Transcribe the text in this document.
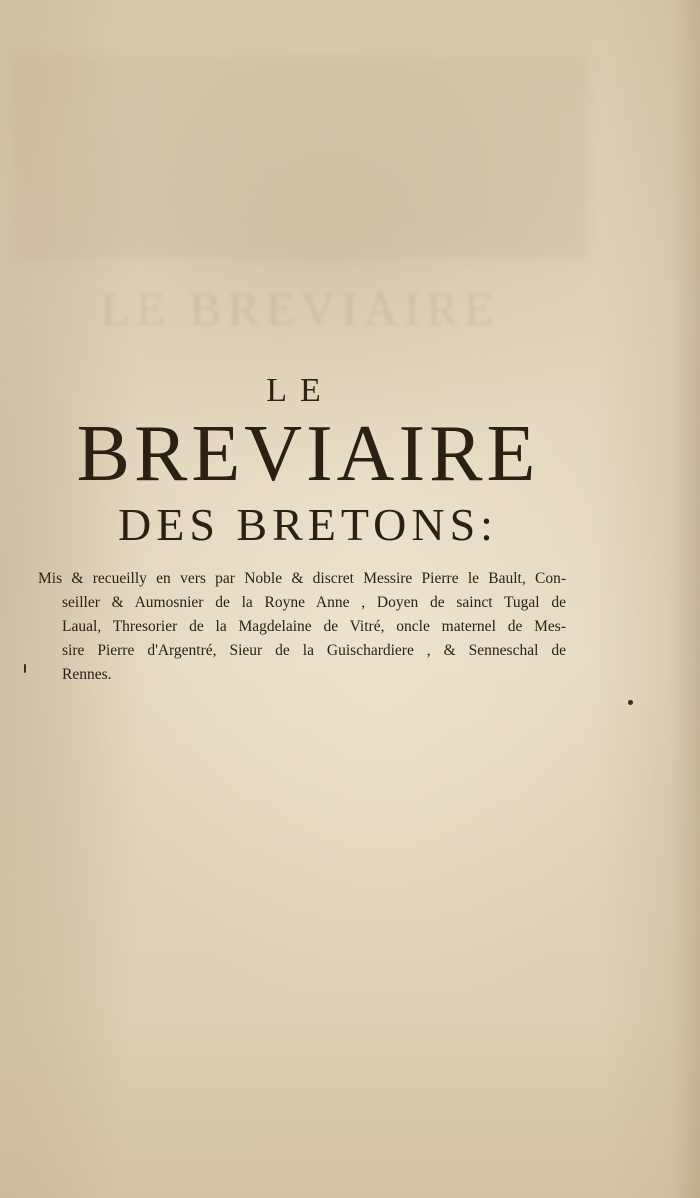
LE BREVIAIRE
LE
BREVIAIRE
DES BRETONS:
Mis & recueilly en vers par Noble & discret Messire Pierre le Bault, Con-
seiller & Aumosnier de la Royne Anne , Doyen de sainct Tugal de
Laual, Thresorier de la Magdelaine de Vitré, oncle maternel de Mes-
sire Pierre d'Argentré, Sieur de la Guischardiere , & Senneschal de
Rennes.
